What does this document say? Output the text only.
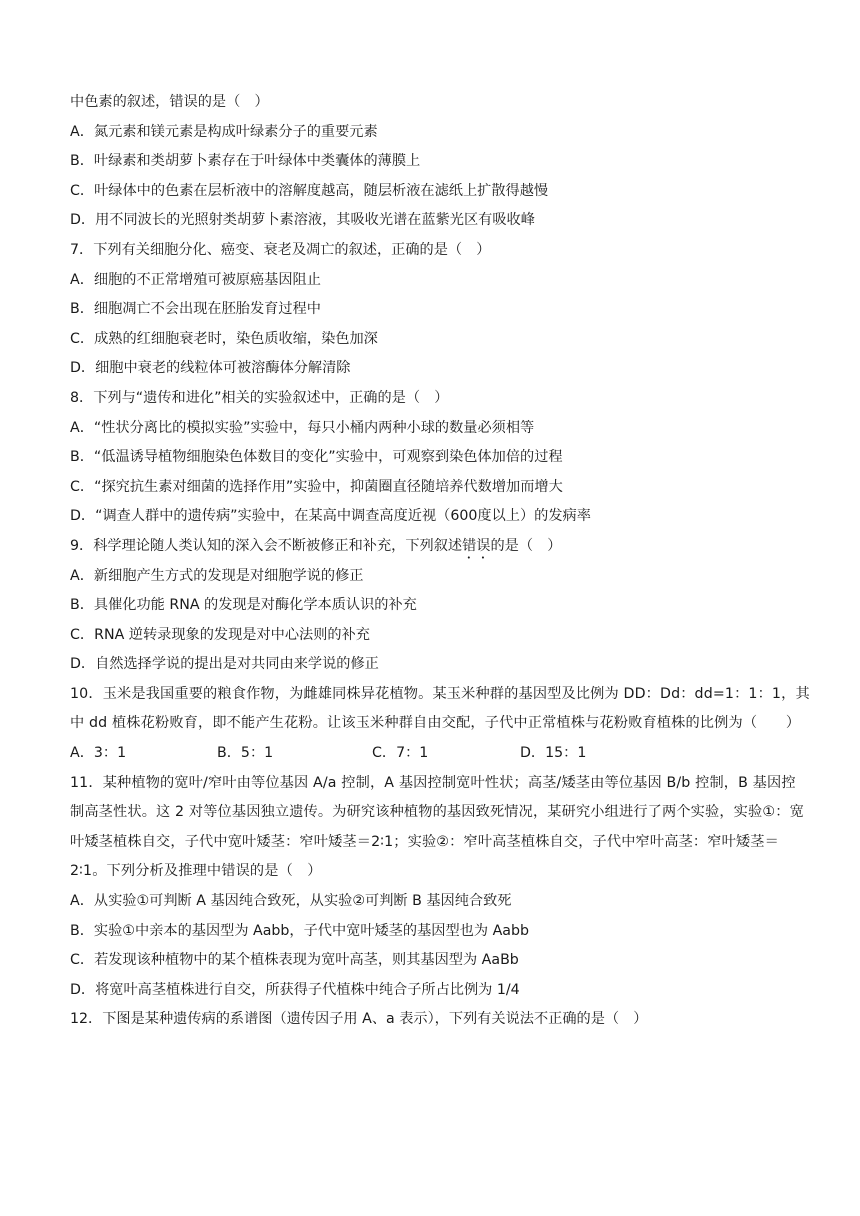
中色素的叙述，错误的是（　）
A．氮元素和镁元素是构成叶绿素分子的重要元素
B．叶绿素和类胡萝卜素存在于叶绿体中类囊体的薄膜上
C．叶绿体中的色素在层析液中的溶解度越高，随层析液在滤纸上扩散得越慢
D．用不同波长的光照射类胡萝卜素溶液，其吸收光谱在蓝紫光区有吸收峰
7．下列有关细胞分化、癌变、衰老及凋亡的叙述，正确的是（　）
A．细胞的不正常增殖可被原癌基因阻止
B．细胞凋亡不会出现在胚胎发育过程中
C．成熟的红细胞衰老时，染色质收缩，染色加深
D．细胞中衰老的线粒体可被溶酶体分解清除
8．下列与“遗传和进化”相关的实验叙述中，正确的是（　）
A．“性状分离比的模拟实验”实验中，每只小桶内两种小球的数量必须相等
B．“低温诱导植物细胞染色体数目的变化”实验中，可观察到染色体加倍的过程
C．“探究抗生素对细菌的选择作用”实验中，抑菌圈直径随培养代数增加而增大
D．“调查人群中的遗传病”实验中，在某高中调查高度近视（600度以上）的发病率
9．科学理论随人类认知的深入会不断被修正和补充，下列叙述错误的是（　）
A．新细胞产生方式的发现是对细胞学说的修正
B．具催化功能 RNA 的发现是对酶化学本质认识的补充
C．RNA 逆转录现象的发现是对中心法则的补充
D．自然选择学说的提出是对共同由来学说的修正
10．玉米是我国重要的粮食作物，为雌雄同株异花植物。某玉米种群的基因型及比例为 DD：Dd：dd=1：1：1，其中 dd 植株花粉败育，即不能产生花粉。让该玉米种群自由交配，子代中正常植株与花粉败育植株的比例为（　　）
A．3：1	B．5：1	C．7：1	D．15：1
11．某种植物的宽叶/窄叶由等位基因 A/a 控制，A 基因控制宽叶性状；高茎/矮茎由等位基因 B/b 控制，B 基因控制高茎性状。这 2 对等位基因独立遗传。为研究该种植物的基因致死情况，某研究小组进行了两个实验，实验①：宽叶矮茎植株自交，子代中宽叶矮茎：窄叶矮茎＝2∶1；实验②：窄叶高茎植株自交，子代中窄叶高茎：窄叶矮茎＝2∶1。下列分析及推理中错误的是（　）
A．从实验①可判断 A 基因纯合致死，从实验②可判断 B 基因纯合致死
B．实验①中亲本的基因型为 Aabb，子代中宽叶矮茎的基因型也为 Aabb
C．若发现该种植物中的某个植株表现为宽叶高茎，则其基因型为 AaBb
D．将宽叶高茎植株进行自交，所获得子代植株中纯合子所占比例为 1/4
12．下图是某种遗传病的系谱图（遗传因子用 A、a 表示），下列有关说法不正确的是（　）
